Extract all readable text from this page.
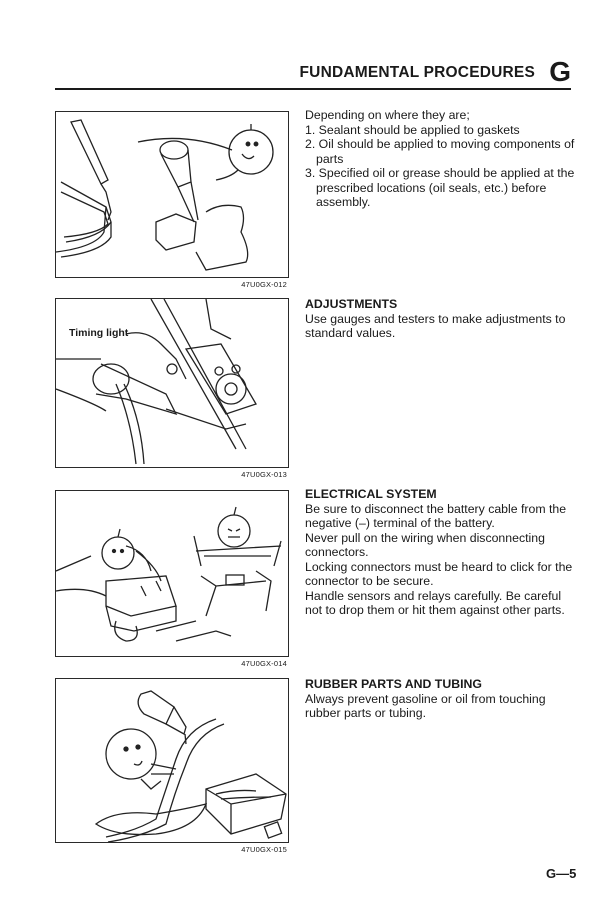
FUNDAMENTAL PROCEDURES G
47U0GX-012
Timing light
47U0GX-013
47U0GX-014
47U0GX-015

Depending on where they are;

1. Sealant should be applied to gaskets
2. Oil should be applied to moving components of parts
3. Specified oil or grease should be applied at the prescribed locations (oil seals, etc.) before assembly.
ADJUSTMENTS

Use gauges and testers to make adjustments to standard values.

ELECTRICAL SYSTEM

Be sure to disconnect the battery cable from the negative (–) terminal of the battery.

Never pull on the wiring when disconnecting connectors.

Locking connectors must be heard to click for the connector to be secure.

Handle sensors and relays carefully. Be careful not to drop them or hit them against other parts.

RUBBER PARTS AND TUBING

Always prevent gasoline or oil from touching rubber parts or tubing.

G—5
